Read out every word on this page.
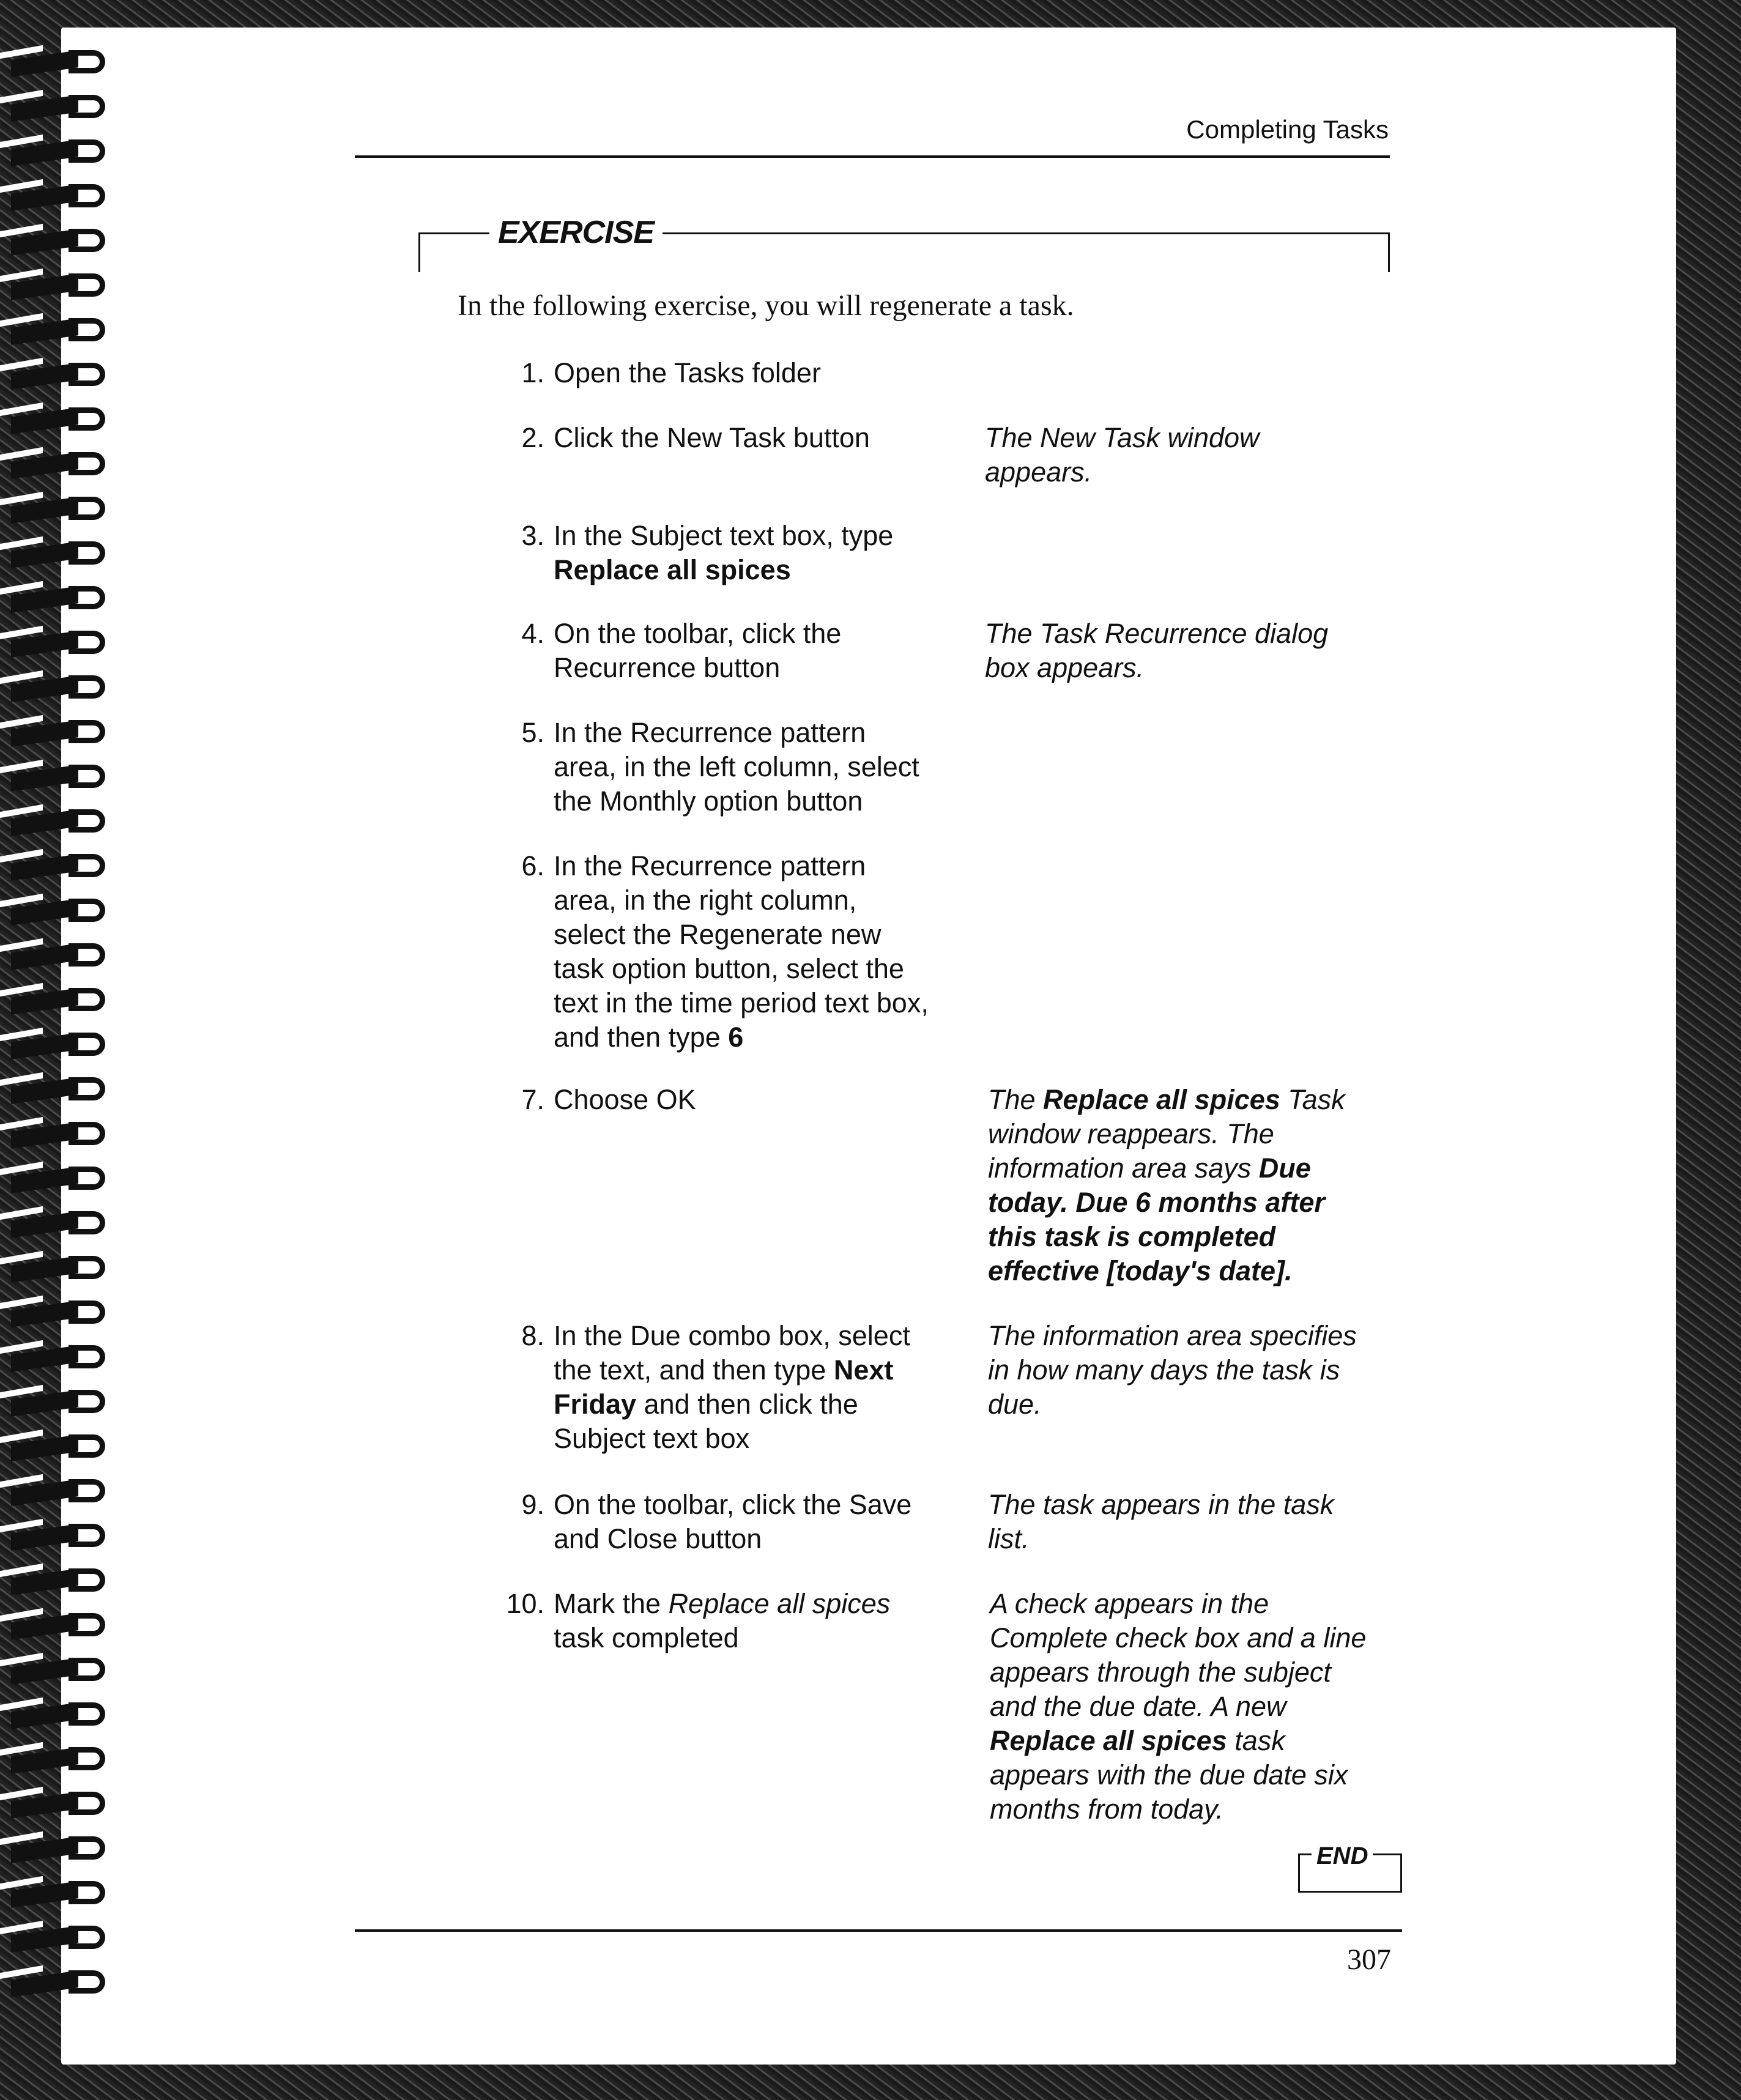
Completing Tasks
EXERCISE
In the following exercise, you will regenerate a task.
1. Open the Tasks folder
2. Click the New Task button	The New Task window
appears.
3. In the Subject text box, type
Replace all spices
4. On the toolbar, click the
Recurrence button
The Task Recurrence dialog
box appears.
5. In the Recurrence pattern
area, in the left column, select
the Monthly option button
6. In the Recurrence pattern
area, in the right column,
select the Regenerate new
task option button, select the
text in the time period text box,
and then type 6
7. Choose OK	The Replace all spices Task
window reappears. The
information area says Due
today. Due 6 months after
this task is completed
effective [today's date].
8. In the Due combo box, select
the text, and then type Next
Friday and then click the
Subject text box
The information area specifies
in how many days the task is
due.
9. On the toolbar, click the Save
and Close button
The task appears in the task
list.
10. Mark the Replace all spices
task completed
A check appears in the
Complete check box and a line
appears through the subject
and the due date. A new
Replace all spices task
appears with the due date six
months from today.
END
307
